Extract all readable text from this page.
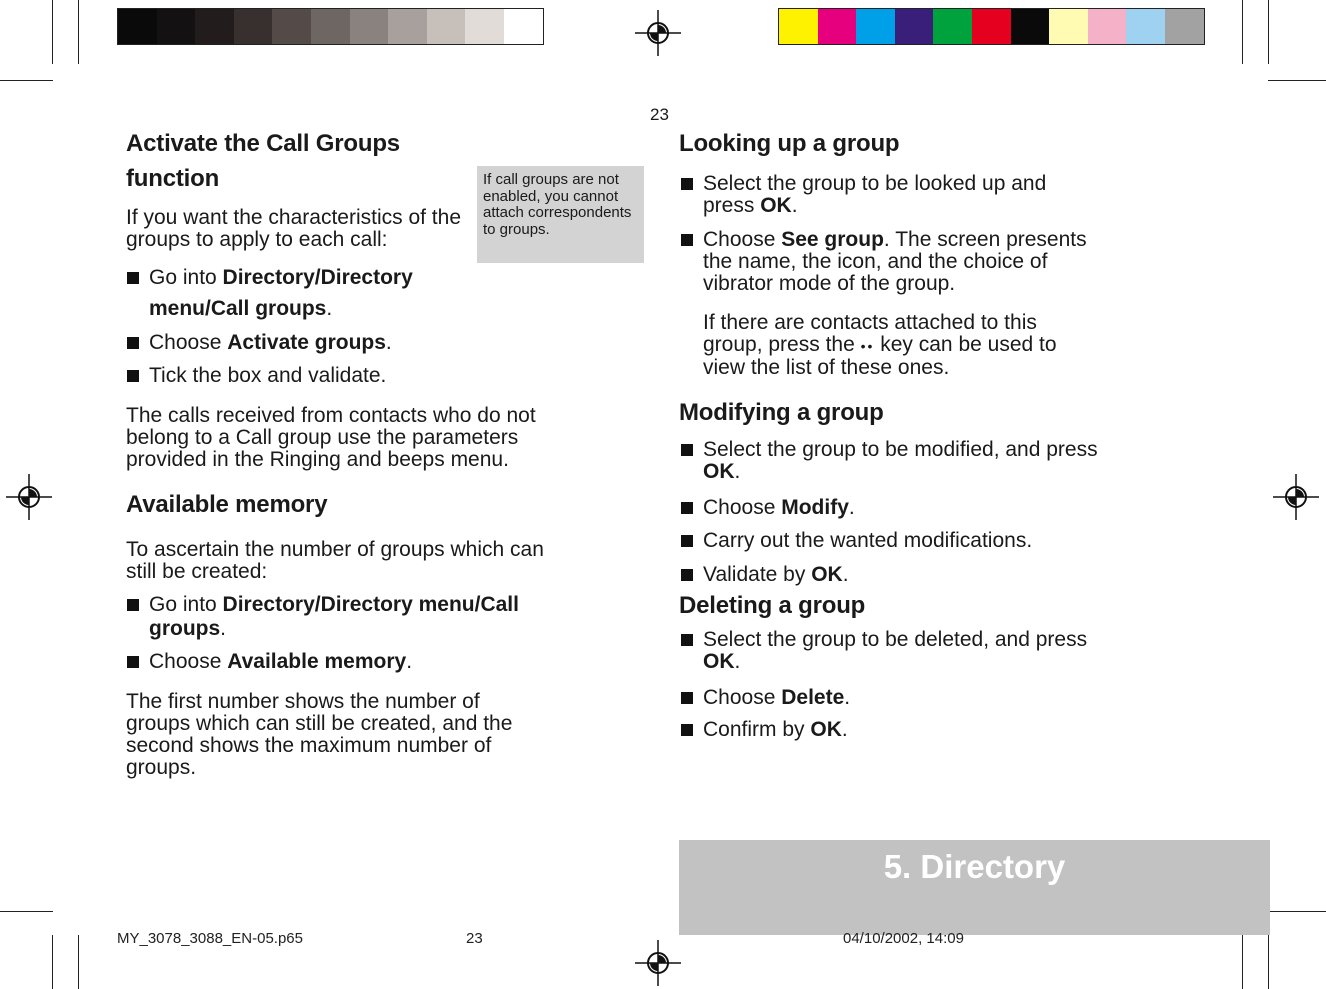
23
Activate the Call Groups
function
If you want the characteristics of the
groups to apply to each call:
Go into Directory/Directory
menu/Call groups.
Choose Activate groups.
Tick the box and validate.
The calls received from contacts who do not
belong to a Call group use the parameters
provided in the Ringing and beeps menu.
Available memory
To ascertain the number of groups which can
still be created:
Go into Directory/Directory menu/Call
groups.
Choose Available memory.
The first number shows the number of
groups which can still be created, and the
second shows the maximum number of
groups.
If call groups are not
enabled, you cannot
attach correspondents
to groups.
Looking up a group
Select the group to be looked up and
press OK.
Choose See group. The screen presents
the name, the icon, and the choice of
vibrator mode of the group.
If there are contacts attached to this
group, press the •• key can be used to
view the list of these ones.
Modifying a group
Select the group to be modified, and press
OK.
Choose Modify.
Carry out the wanted modifications.
Validate by OK.
Deleting a group
Select the group to be deleted, and press
OK.
Choose Delete.
Confirm by OK.
5. Directory
MY_3078_3088_EN-05.p65	23	04/10/2002, 14:09
